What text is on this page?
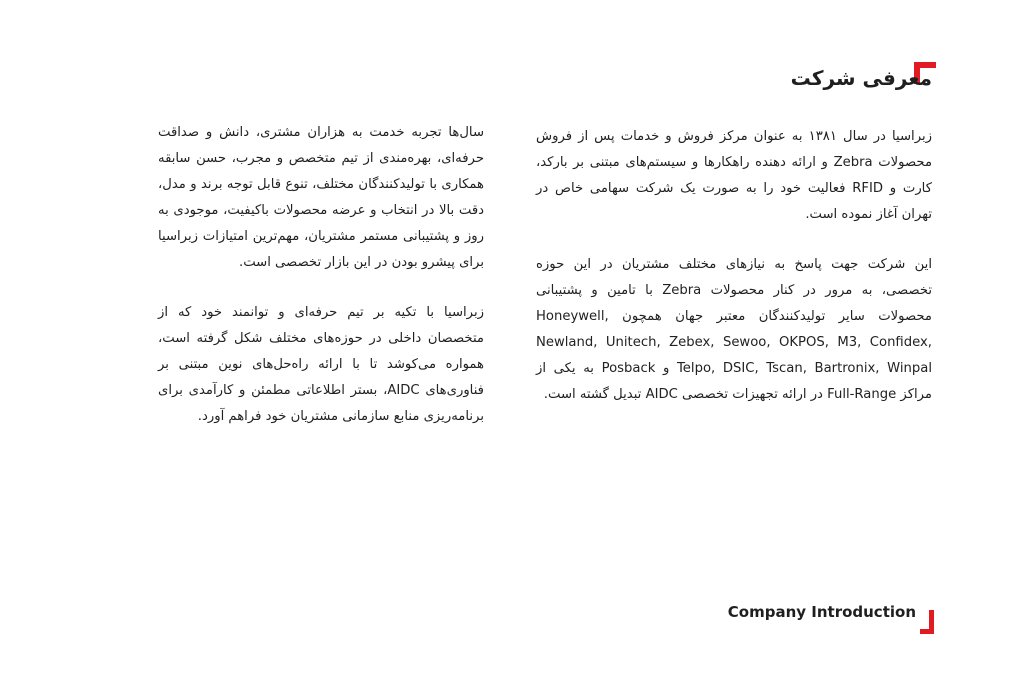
معرفی شرکت

زبراسیا در سال ۱۳۸۱ به عنوان مرکز فروش و خدمات پس از فروش محصولات Zebra و ارائه دهنده راهکارها و سیستم‌های مبتنی بر بارکد، کارت و RFID فعالیت خود را به صورت یک شرکت سهامی خاص در تهران آغاز نموده است.

این شرکت جهت پاسخ به نیازهای مختلف مشتریان در این حوزه تخصصی، به مرور در کنار محصولات Zebra با تامین و پشتیبانی محصولات سایر تولیدکنندگان معتبر جهان همچون Honeywell, Newland, Unitech, Zebex, Sewoo, OKPOS, M3, Confidex, Telpo, DSIC, Tscan, Bartronix, Winpal و Posback به یکی از مراکز Full-Range در ارائه تجهیزات تخصصی AIDC تبدیل گشته است.

سال‌ها تجربه خدمت به هزاران مشتری، دانش و صداقت حرفه‌ای، بهره‌مندی از تیم متخصص و مجرب، حسن سابقه همکاری با تولیدکنندگان مختلف، تنوع قابل توجه برند و مدل، دقت بالا در انتخاب و عرضه محصولات باکیفیت، موجودی به روز و پشتیبانی مستمر مشتریان، مهم‌ترین امتیازات زبراسیا برای پیشرو بودن در این بازار تخصصی است.

زبراسیا با تکیه بر تیم حرفه‌ای و توانمند خود که از متخصصان داخلی در حوزه‌های مختلف شکل گرفته است، همواره می‌کوشد تا با ارائه راه‌حل‌های نوین مبتنی بر فناوری‌های AIDC، بستر اطلاعاتی مطمئن و کارآمدی برای برنامه‌ریزی منابع سازمانی مشتریان خود فراهم آورد.

Company Introduction
